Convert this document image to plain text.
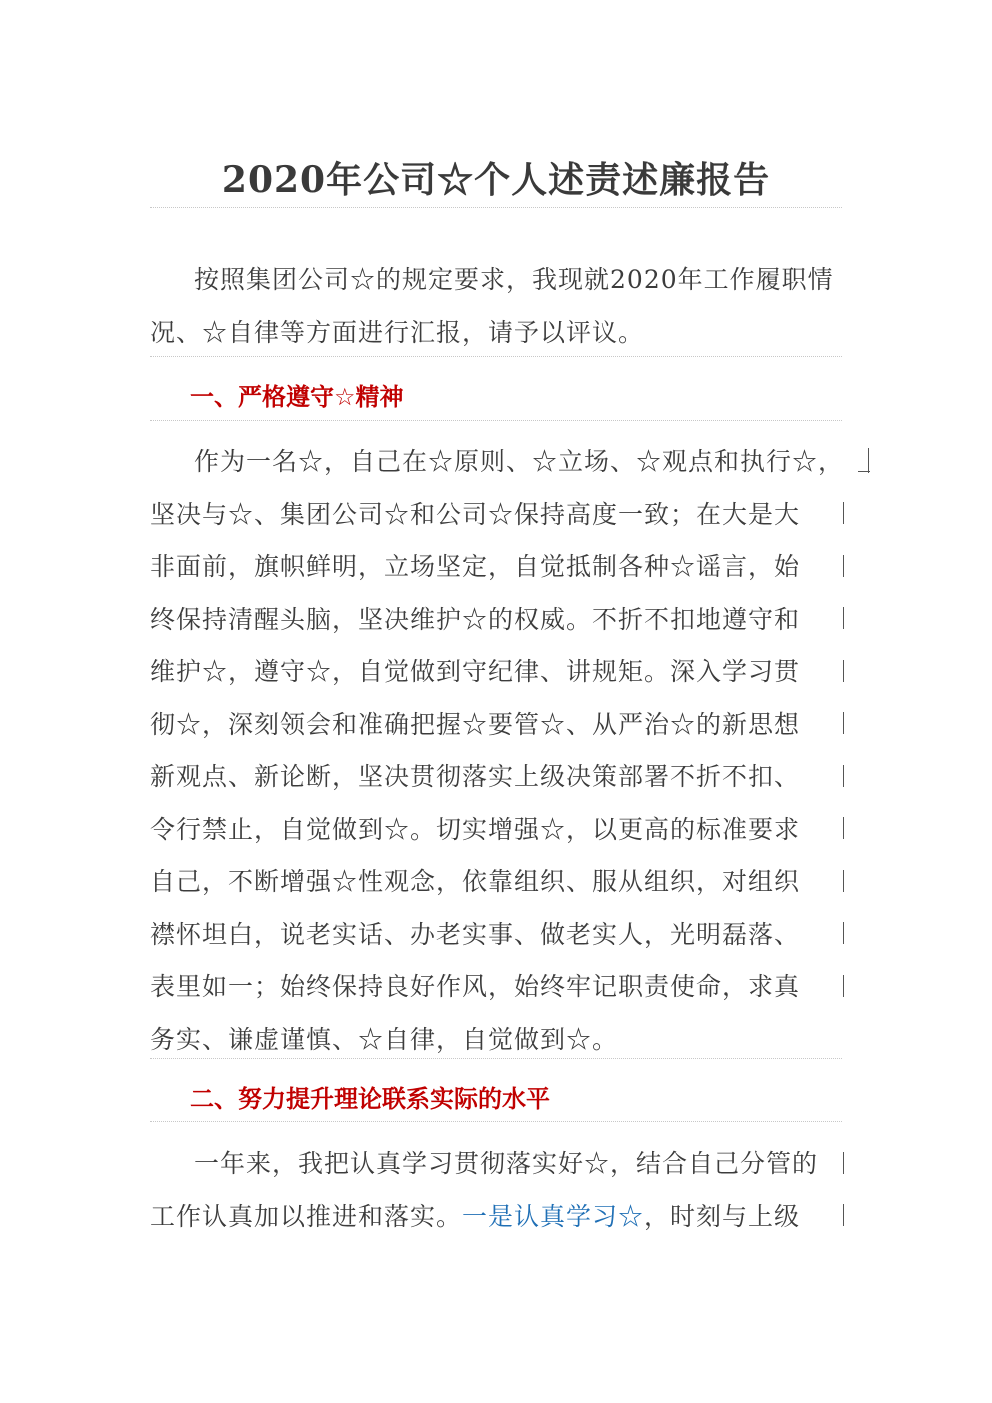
2020年公司☆个人述责述廉报告
按照集团公司☆的规定要求，我现就2020年工作履职情
况、☆自律等方面进行汇报，请予以评议。
一、严格遵守☆精神
作为一名☆，自己在☆原则、☆立场、☆观点和执行☆，
坚决与☆、集团公司☆和公司☆保持高度一致；在大是大
非面前，旗帜鲜明，立场坚定，自觉抵制各种☆谣言，始
终保持清醒头脑，坚决维护☆的权威。不折不扣地遵守和
维护☆，遵守☆，自觉做到守纪律、讲规矩。深入学习贯
彻☆，深刻领会和准确把握☆要管☆、从严治☆的新思想
新观点、新论断，坚决贯彻落实上级决策部署不折不扣、
令行禁止，自觉做到☆。切实增强☆，以更高的标准要求
自己，不断增强☆性观念，依靠组织、服从组织，对组织
襟怀坦白，说老实话、办老实事、做老实人，光明磊落、
表里如一；始终保持良好作风，始终牢记职责使命，求真
务实、谦虚谨慎、☆自律，自觉做到☆。
二、努力提升理论联系实际的水平
一年来，我把认真学习贯彻落实好☆，结合自己分管的
工作认真加以推进和落实。一是认真学习☆，时刻与上级
